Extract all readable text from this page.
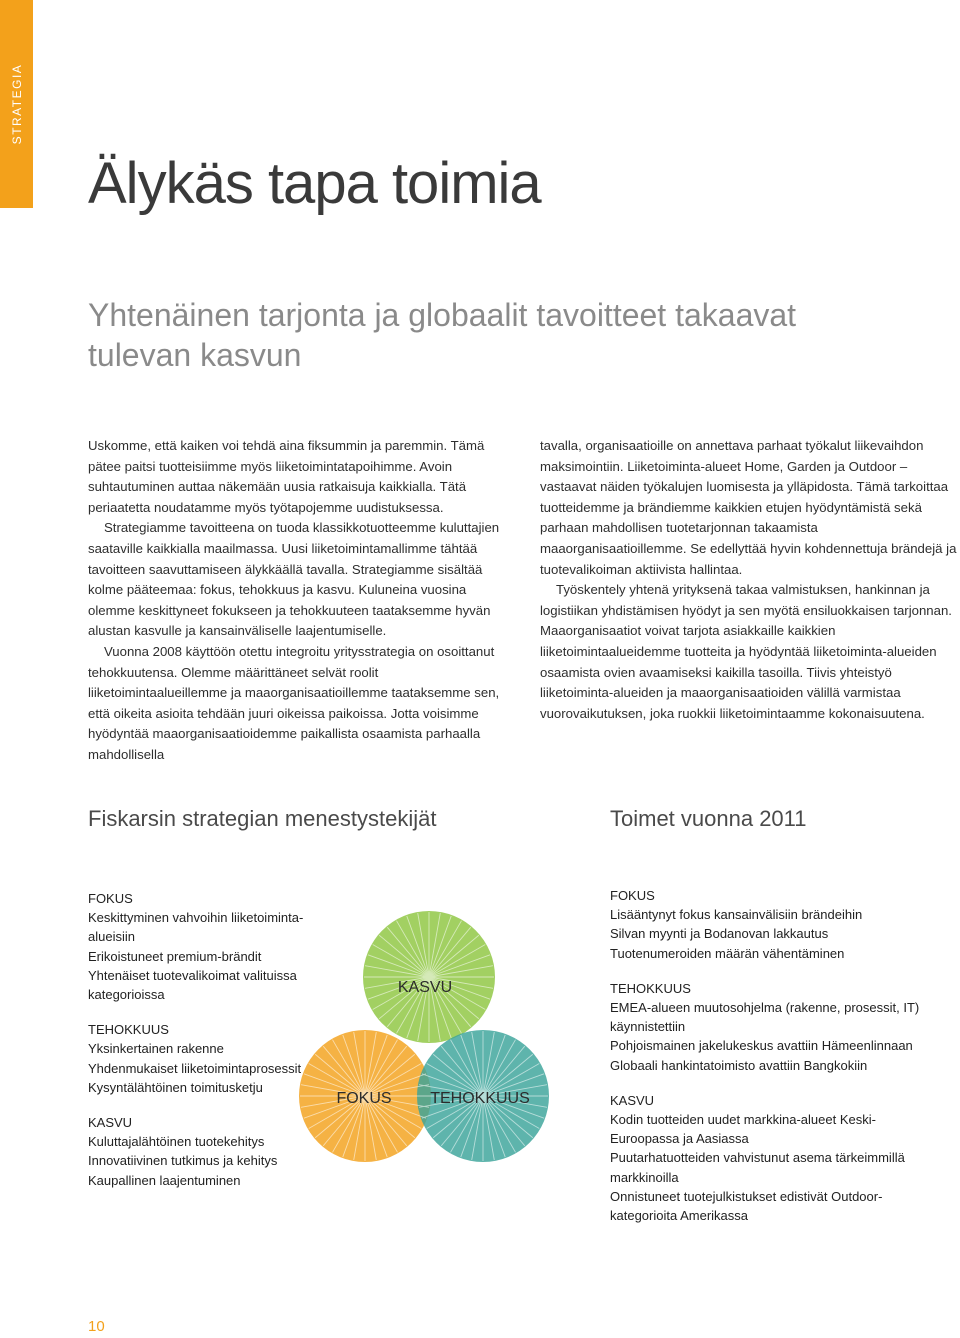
STRATEGIA
Älykäs tapa toimia
Yhtenäinen tarjonta ja globaalit tavoitteet takaavat tulevan kasvun

Uskomme, että kaiken voi tehdä aina fiksummin ja paremmin. Tämä pätee paitsi tuotteisiimme myös liiketoimintatapoihimme. Avoin suhtautuminen auttaa näkemään uusia ratkaisuja kaikkialla. Tätä periaatetta noudatamme myös työtapojemme uudistuksessa.

Strategiamme tavoitteena on tuoda klassikkotuotteemme kuluttajien saataville kaikkialla maailmassa. Uusi liiketoimintamallimme tähtää tavoitteen saavuttamiseen älykkäällä tavalla. Strategiamme sisältää kolme pääteemaa: fokus, tehokkuus ja kasvu. Kuluneina vuosina olemme keskittyneet fokukseen ja tehokkuuteen taataksemme hyvän alustan kasvulle ja kansainväliselle laajentumiselle.

Vuonna 2008 käyttöön otettu integroitu yritysstrategia on osoittanut tehokkuutensa. Olemme määrittäneet selvät roolit liiketoimintaalueillemme ja maaorganisaatioillemme taataksemme sen, että oikeita asioita tehdään juuri oikeissa paikoissa. Jotta voisimme hyödyntää maaorganisaatioidemme paikallista osaamista parhaalla mahdollisella

tavalla, organisaatioille on annettava parhaat työkalut liikevaihdon maksimointiin. Liiketoiminta-alueet Home, Garden ja Outdoor – vastaavat näiden työkalujen luomisesta ja ylläpidosta. Tämä tarkoittaa tuotteidemme ja brändiemme kaikkien etujen hyödyntämistä sekä parhaan mahdollisen tuotetarjonnan takaamista maaorganisaatioillemme. Se edellyttää hyvin kohdennettuja brändejä ja tuotevalikoiman aktiivista hallintaa.

Työskentely yhtenä yrityksenä takaa valmistuksen, hankinnan ja logistiikan yhdistämisen hyödyt ja sen myötä ensiluokkaisen tarjonnan. Maaorganisaatiot voivat tarjota asiakkaille kaikkien liiketoimintaalueidemme tuotteita ja hyödyntää liiketoiminta-alueiden osaamista ovien avaamiseksi kaikilla tasoilla. Tiivis yhteistyö liiketoiminta-alueiden ja maaorganisaatioiden välillä varmistaa vuorovaikutuksen, joka ruokkii liiketoimintaamme kokonaisuutena.

Fiskarsin strategian menestystekijät	Toimet vuonna 2011
FOKUS
Keskittyminen vahvoihin liiketoiminta-alueisiin
Erikoistuneet premium-brändit
Yhtenäiset tuotevalikoimat valituissa kategorioissa
TEHOKKUUS
Yksinkertainen rakenne
Yhdenmukaiset liiketoimintaprosessit
Kysyntälähtöinen toimitusketju
KASVU
Kuluttajalähtöinen tuotekehitys
Innovatiivinen tutkimus ja kehitys
Kaupallinen laajentuminen
KASVU
FOKUS TEHOKKUUS
FOKUS
Lisääntynyt fokus kansainvälisiin brändeihin
Silvan myynti ja Bodanovan lakkautus
Tuotenumeroiden määrän vähentäminen
TEHOKKUUS
EMEA-alueen muutosohjelma (rakenne, prosessit, IT) käynnistettiin
Pohjoismainen jakelukeskus avattiin Hämeenlinnaan
Globaali hankintatoimisto avattiin Bangkokiin
KASVU
Kodin tuotteiden uudet markkina-alueet Keski-Euroopassa ja Aasiassa
Puutarhatuotteiden vahvistunut asema tärkeimmillä markkinoilla
Onnistuneet tuotejulkistukset edistivät Outdoor-kategorioita Amerikassa
10
